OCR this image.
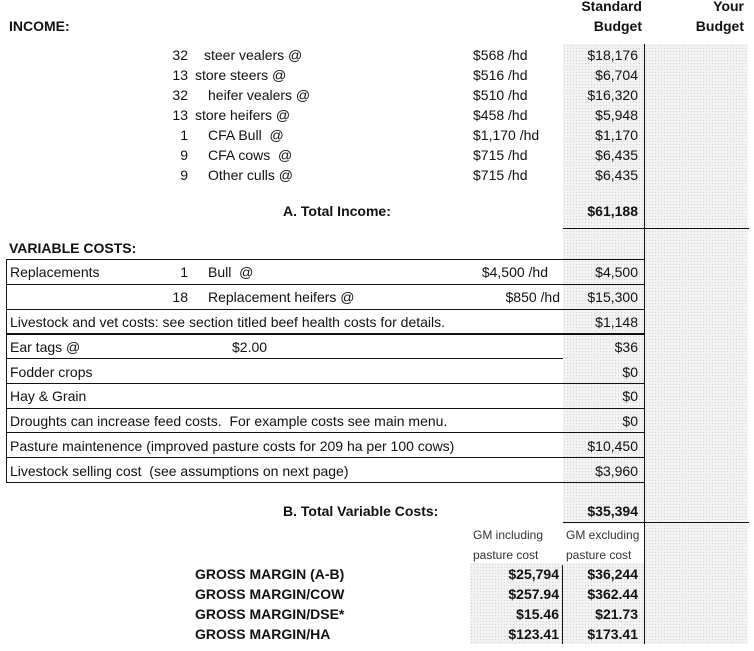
INCOME:
Standard
Budget
Your
Budget
32 steer vealers @	$568 /hd	$18,176
13 store steers @	$516 /hd	$6,704
32 heifer vealers @	$510 /hd	$16,320
13 store heifers @	$458 /hd	$5,948
1 CFA Bull  @	$1,170 /hd	$1,170
9 CFA cows  @	$715 /hd	$6,435
9 Other culls @	$715 /hd	$6,435
A. Total Income:	$61,188
VARIABLE COSTS:
Replacements	1 Bull  @	$4,500 /hd	$4,500
18 Replacement heifers @	$850 /hd	$15,300
Livestock and vet costs: see section titled beef health costs for details.	$1,148
Ear tags @	$2.00	$36
Fodder crops	$0
Hay & Grain	$0
Droughts can increase feed costs.  For example costs see main menu.	$0
Pasture maintenence (improved pasture costs for 209 ha per 100 cows)	$10,450
Livestock selling cost  (see assumptions on next page)	$3,960
B. Total Variable Costs:	$35,394
GM including
pasture cost
GM excluding
pasture cost
GROSS MARGIN (A-B)	$25,794	$36,244
GROSS MARGIN/COW	$257.94	$362.44
GROSS MARGIN/DSE*	$15.46	$21.73
GROSS MARGIN/HA	$123.41	$173.41
